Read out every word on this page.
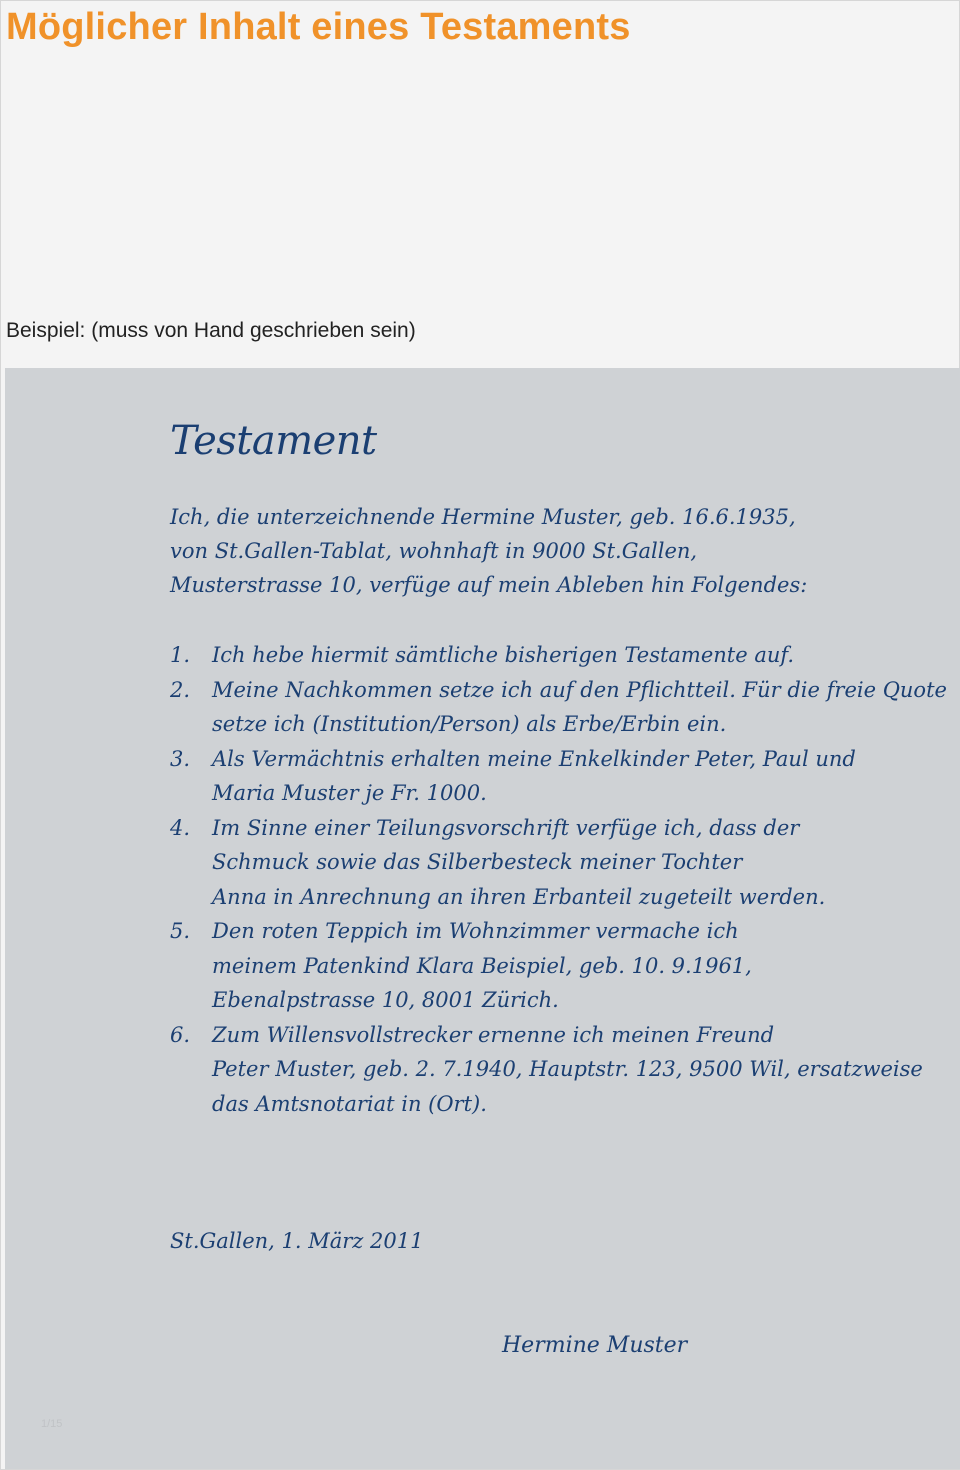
Möglicher Inhalt eines Testaments
Beispiel: (muss von Hand geschrieben sein)
Testament
Ich, die unterzeichnende Hermine Muster, geb. 16.6.1935,
von St.Gallen-Tablat, wohnhaft in 9000 St.Gallen,
Musterstrasse 10, verfüge auf mein Ableben hin Folgendes:
1.	Ich hebe hiermit sämtliche bisherigen Testamente auf.
2.	Meine Nachkommen setze ich auf den Pflichtteil. Für die freie Quote
setze ich (Institution/Person) als Erbe/Erbin ein.
3.	Als Vermächtnis erhalten meine Enkelkinder Peter, Paul und
Maria Muster je Fr. 1000.
4.	Im Sinne einer Teilungsvorschrift verfüge ich, dass der
Schmuck sowie das Silberbesteck meiner Tochter
Anna in Anrechnung an ihren Erbanteil zugeteilt werden.
5.	Den roten Teppich im Wohnzimmer vermache ich
meinem Patenkind Klara Beispiel, geb. 10. 9.1961,
Ebenalpstrasse 10, 8001 Zürich.
6.	Zum Willensvollstrecker ernenne ich meinen Freund
Peter Muster, geb. 2. 7.1940, Hauptstr. 123, 9500 Wil, ersatzweise
das Amtsnotariat in (Ort).
St.Gallen, 1. März 2011
Hermine Muster
1/15
